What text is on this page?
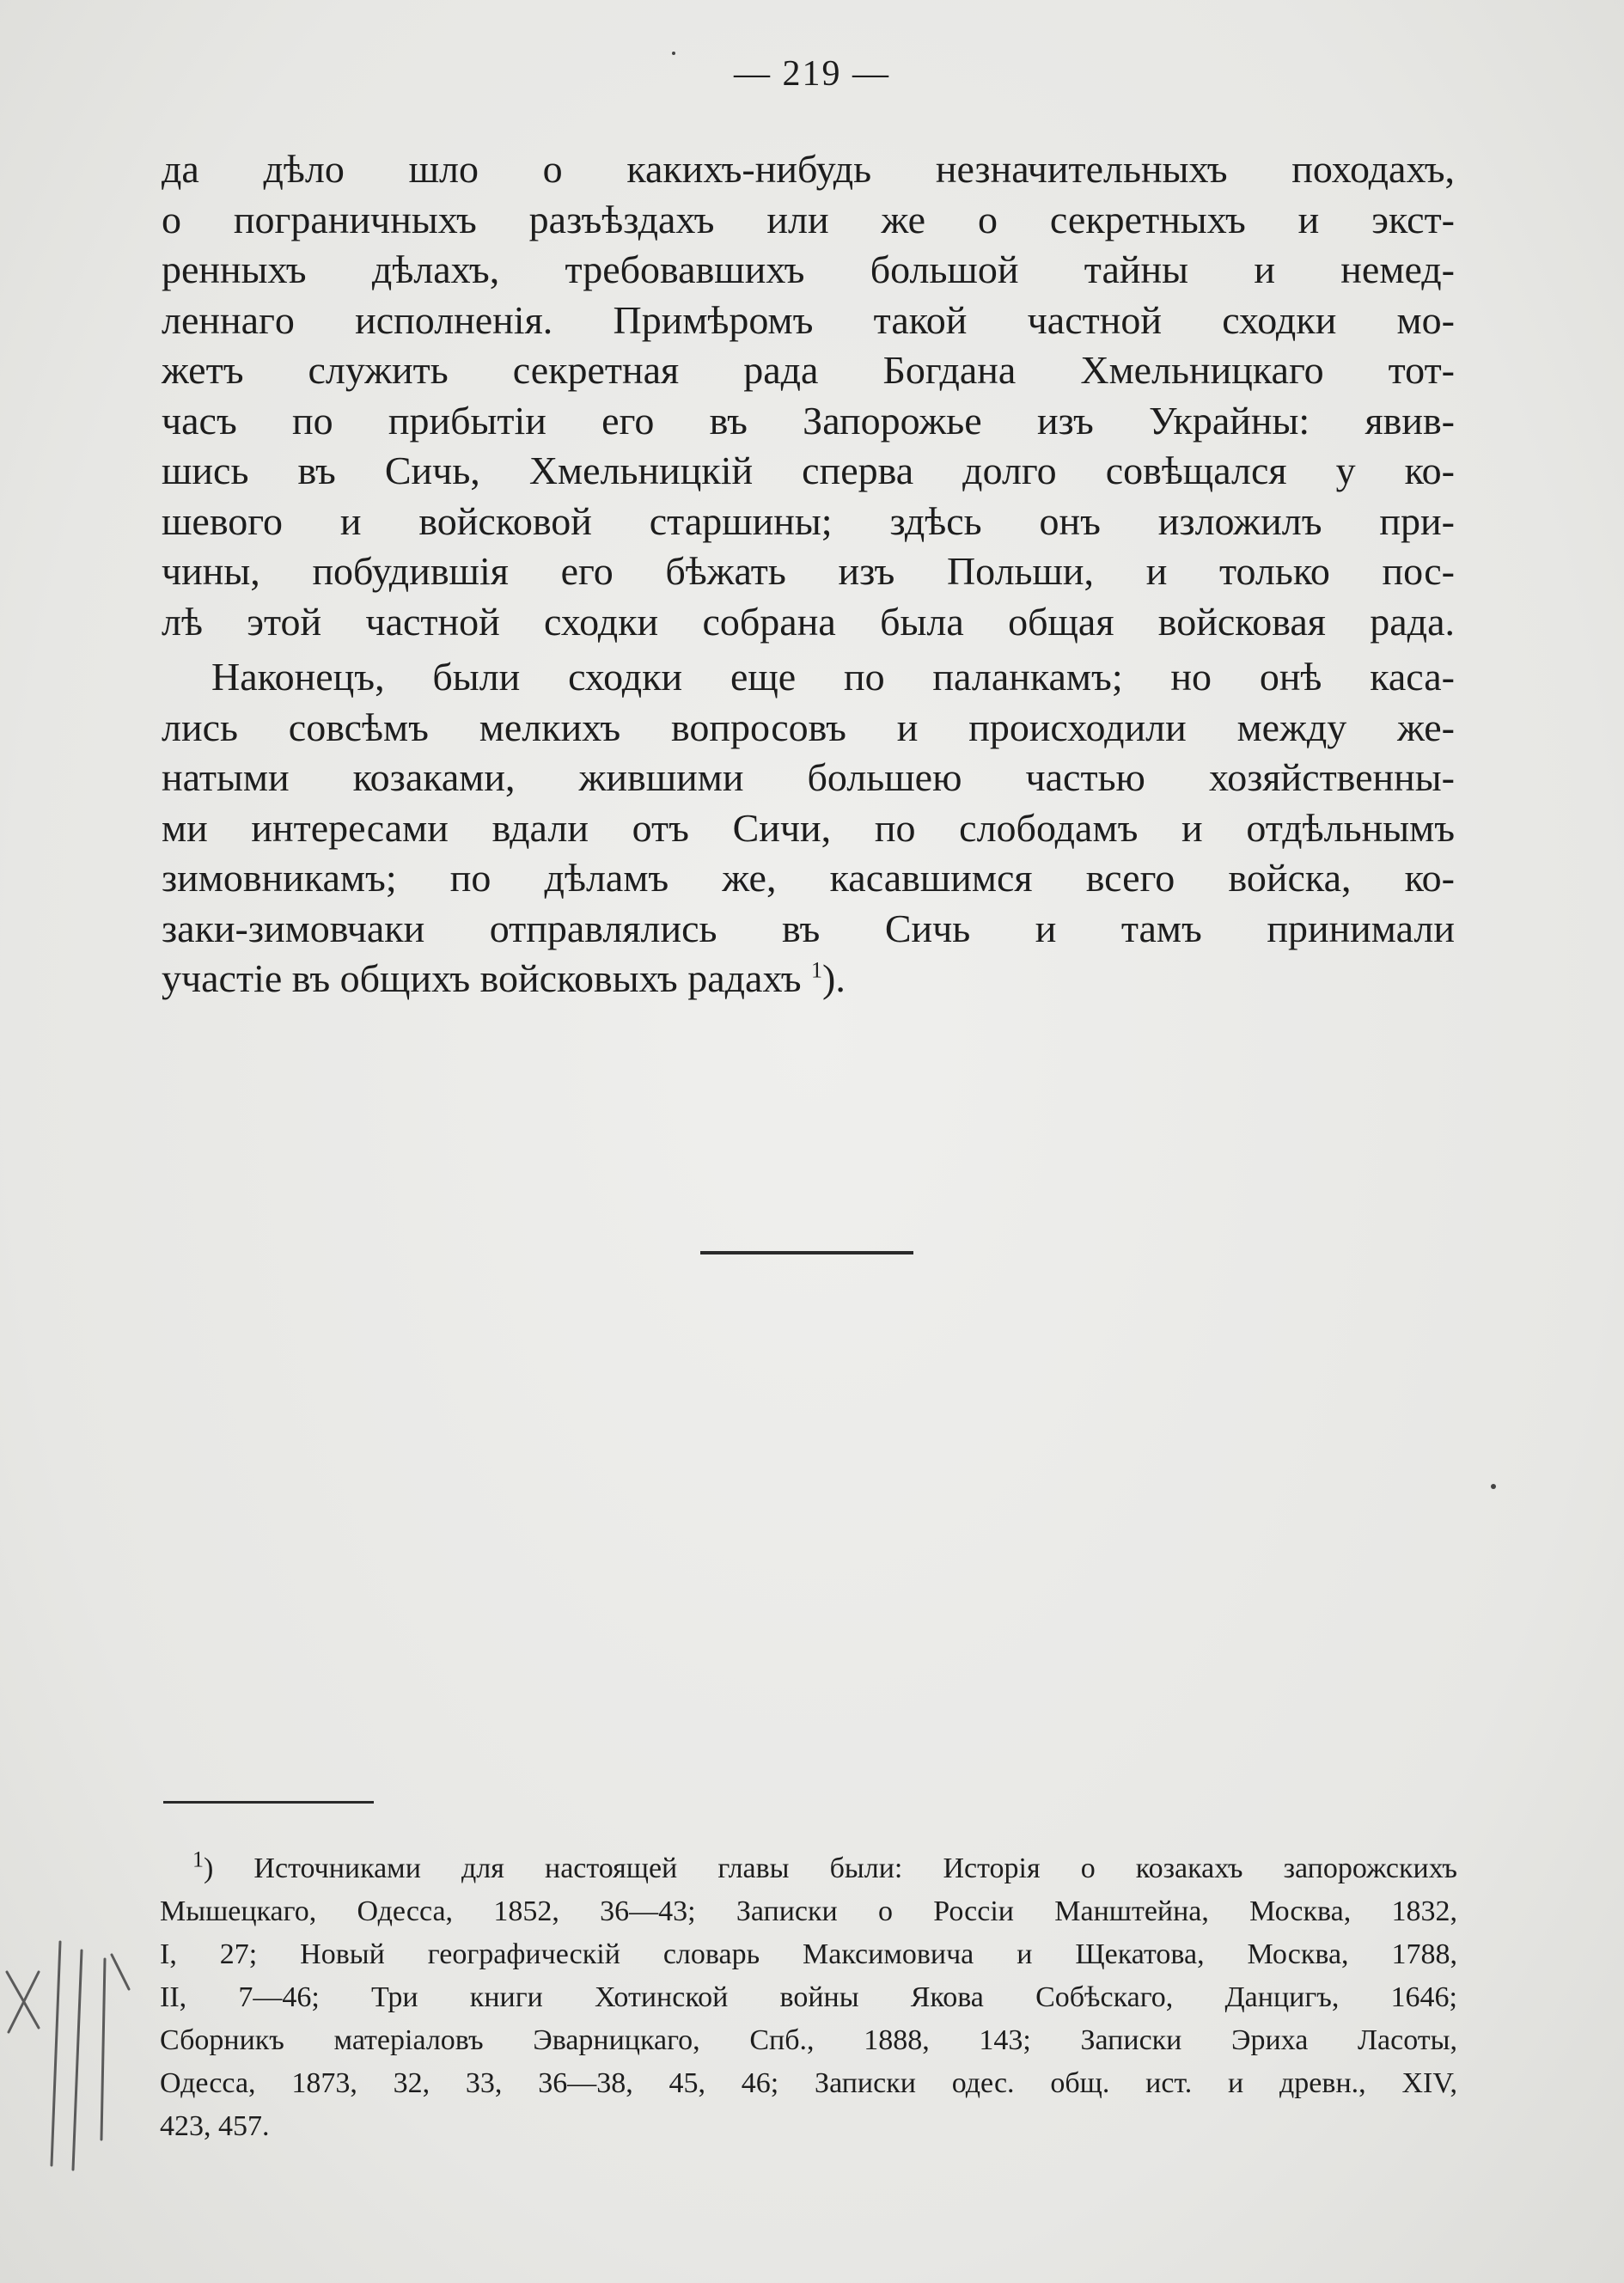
— 219 —
да дѣло шло о какихъ-нибудь незначительныхъ походахъ,
о пограничныхъ разъѣздахъ или же о секретныхъ и экст-
ренныхъ дѣлахъ, требовавшихъ большой тайны и немед-
леннагo исполненія. Примѣромъ такой частной сходки мо-
жетъ служить секретная рада Богдана Хмельницкаго тот-
часъ по прибытіи его въ Запорожье изъ Украйны: явив-
шись въ Сичь, Хмельницкій сперва долго совѣщался у ко-
шевого и войсковой старшины; здѣсь онъ изложилъ при-
чины, побудившія его бѣжать изъ Польши, и только пос-
лѣ этой частной сходки собрана была общая войсковая рада.
Наконецъ, были сходки еще по паланкамъ; но онѣ каса-
лись совсѣмъ мелкихъ вопросовъ и происходили между же-
натыми козаками, жившими большею частью хозяйственны-
ми интересами вдали отъ Сичи, по слободамъ и отдѣльнымъ
зимовникамъ; по дѣламъ же, касавшимся всего войска, ко-
заки-зимовчаки отправлялись въ Сичь и тамъ принимали
участіе въ общихъ войсковыхъ радахъ $^1$).
$^1$) Источниками для настоящей главы были: Исторія о козакахъ запорожскихъ
Мышецкаго, Одесса, 1852, 36—43; Записки о Россіи Манштейна, Москва, 1832,
I, 27; Новый географическій словарь Максимовича и Щекатова, Москва, 1788,
II, 7—46; Три книги Хотинской войны Якова Собѣскаго, Данцигъ, 1646;
Сборникъ матеріаловъ Эварницкаго, Спб., 1888, 143; Записки Эриха Ласоты,
Одесса, 1873, 32, 33, 36—38, 45, 46; Записки одес. общ. ист. и древн., XIV,
423, 457.
